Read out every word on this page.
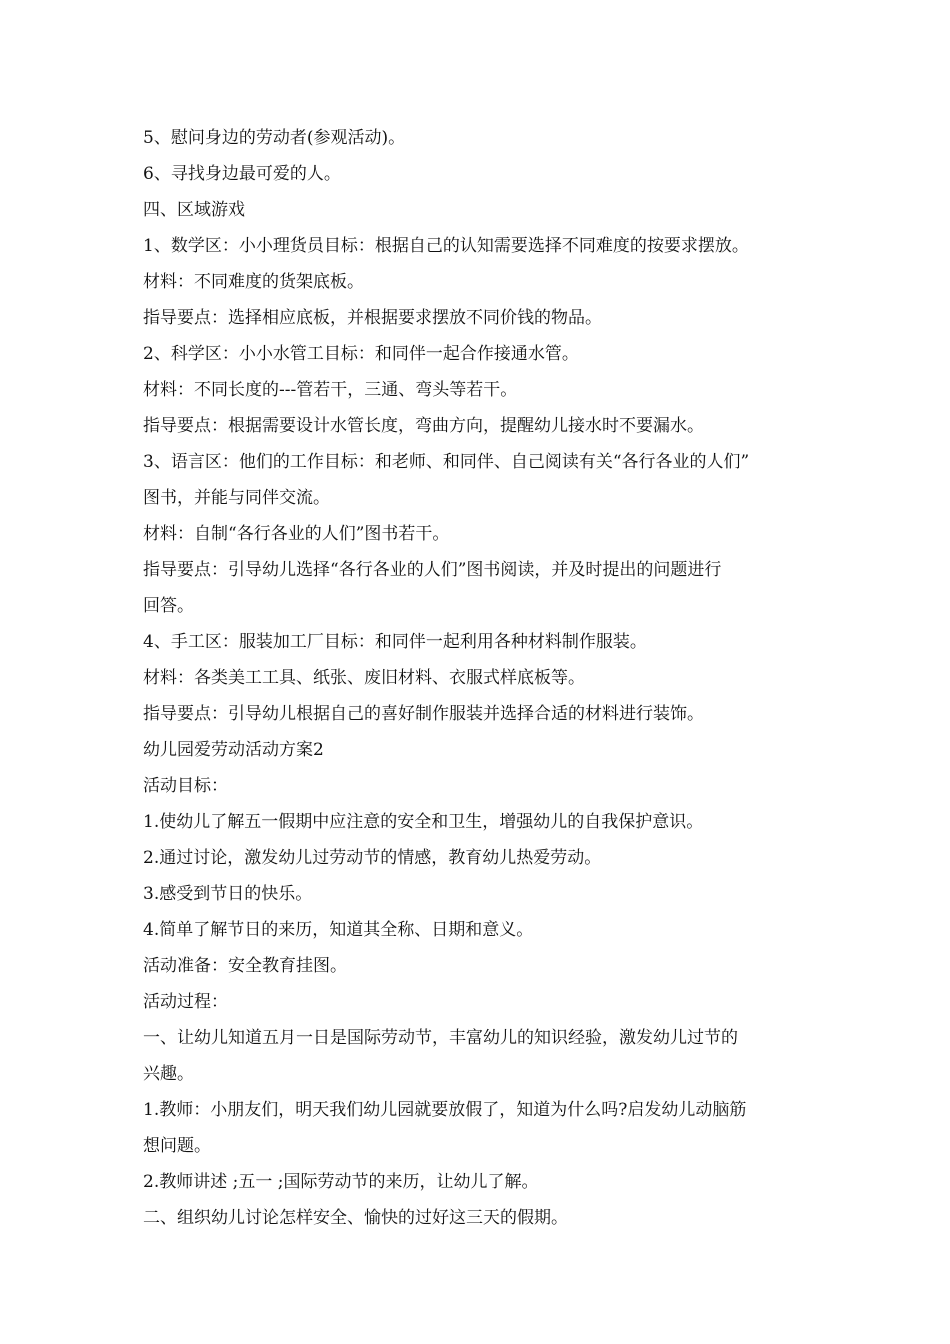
5、慰问身边的劳动者(参观活动)。
6、寻找身边最可爱的人。
四、区域游戏
1、数学区：小小理货员目标：根据自己的认知需要选择不同难度的按要求摆放。
材料：不同难度的货架底板。
指导要点：选择相应底板，并根据要求摆放不同价钱的物品。
2、科学区：小小水管工目标：和同伴一起合作接通水管。
材料：不同长度的---管若干，三通、弯头等若干。
指导要点：根据需要设计水管长度，弯曲方向，提醒幼儿接水时不要漏水。
3、语言区：他们的工作目标：和老师、和同伴、自己阅读有关“各行各业的人们”
图书，并能与同伴交流。
材料：自制“各行各业的人们”图书若干。
指导要点：引导幼儿选择“各行各业的人们”图书阅读，并及时提出的问题进行
回答。
4、手工区：服装加工厂目标：和同伴一起利用各种材料制作服装。
材料：各类美工工具、纸张、废旧材料、衣服式样底板等。
指导要点：引导幼儿根据自己的喜好制作服装并选择合适的材料进行装饰。
幼儿园爱劳动活动方案2
活动目标：
1.使幼儿了解五一假期中应注意的安全和卫生，增强幼儿的自我保护意识。
2.通过讨论，激发幼儿过劳动节的情感，教育幼儿热爱劳动。
3.感受到节日的快乐。
4.简单了解节日的来历，知道其全称、日期和意义。
活动准备：安全教育挂图。
活动过程：
一、让幼儿知道五月一日是国际劳动节，丰富幼儿的知识经验，激发幼儿过节的
兴趣。
1.教师：小朋友们，明天我们幼儿园就要放假了，知道为什么吗?启发幼儿动脑筋
想问题。
2.教师讲述 ;五一 ;国际劳动节的来历，让幼儿了解。
二、组织幼儿讨论怎样安全、愉快的过好这三天的假期。
